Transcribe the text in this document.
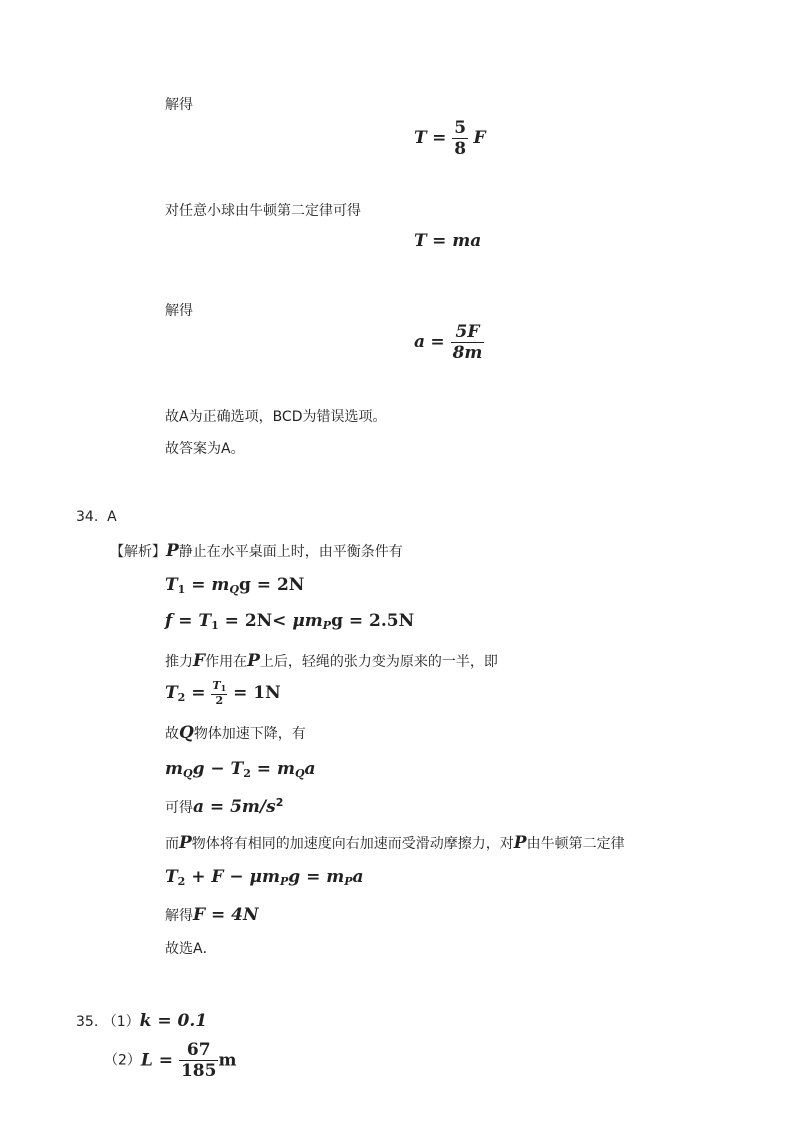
解得
$T = \frac{5}{8}$ F
对任意小球由牛顿第二定律可得
T = ma
解得
$a = \frac{5F}{8m}$
故A为正确选项，BCD为错误选项。
故答案为A。
34. A
【解析】P静止在水平桌面上时，由平衡条件有
$T_1 = m_Qg = 2N$
$f = T_1 = 2N< \mu m_Pg = 2.5N$
推力F作用在P上后，轻绳的张力变为原来的一半，即
$T_2 = \frac{T_1}{2} = 1N$
故Q物体加速下降，有
$m_Qg - T_2 = m_Qa$
可得$a = 5m/s^2$
而P物体将有相同的加速度向右加速而受滑动摩擦力，对P由牛顿第二定律
$T_2 + F - \mu m_Pg = m_Pa$
解得F = 4N
故选A．
35. （1）k = 0.1
$(2)L = \frac{67}{185}$ m
